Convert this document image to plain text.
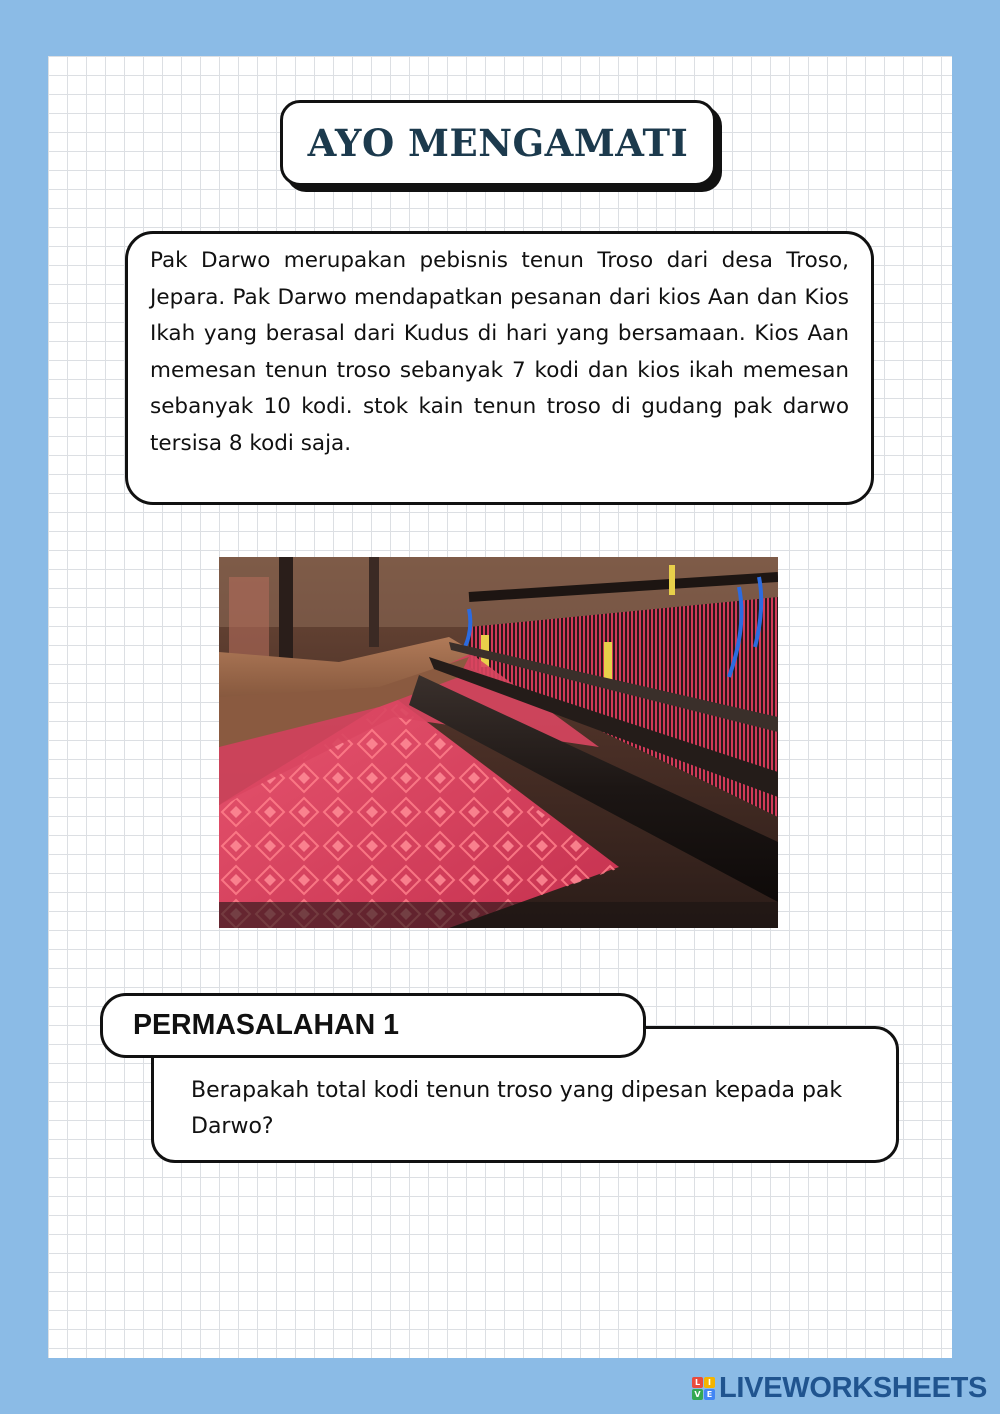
AYO MENGAMATI

Pak Darwo merupakan pebisnis tenun Troso dari desa Troso, Jepara. Pak Darwo mendapatkan pesanan dari kios Aan dan Kios Ikah yang berasal dari Kudus di hari yang bersamaan. Kios Aan memesan tenun troso sebanyak 7 kodi dan kios ikah memesan sebanyak 10 kodi. stok kain tenun troso di gudang pak darwo tersisa 8 kodi saja.

Berapakah total kodi tenun troso yang dipesan kepada pak Darwo?

PERMASALAHAN 1
L I
V E LIVEWORKSHEETS
